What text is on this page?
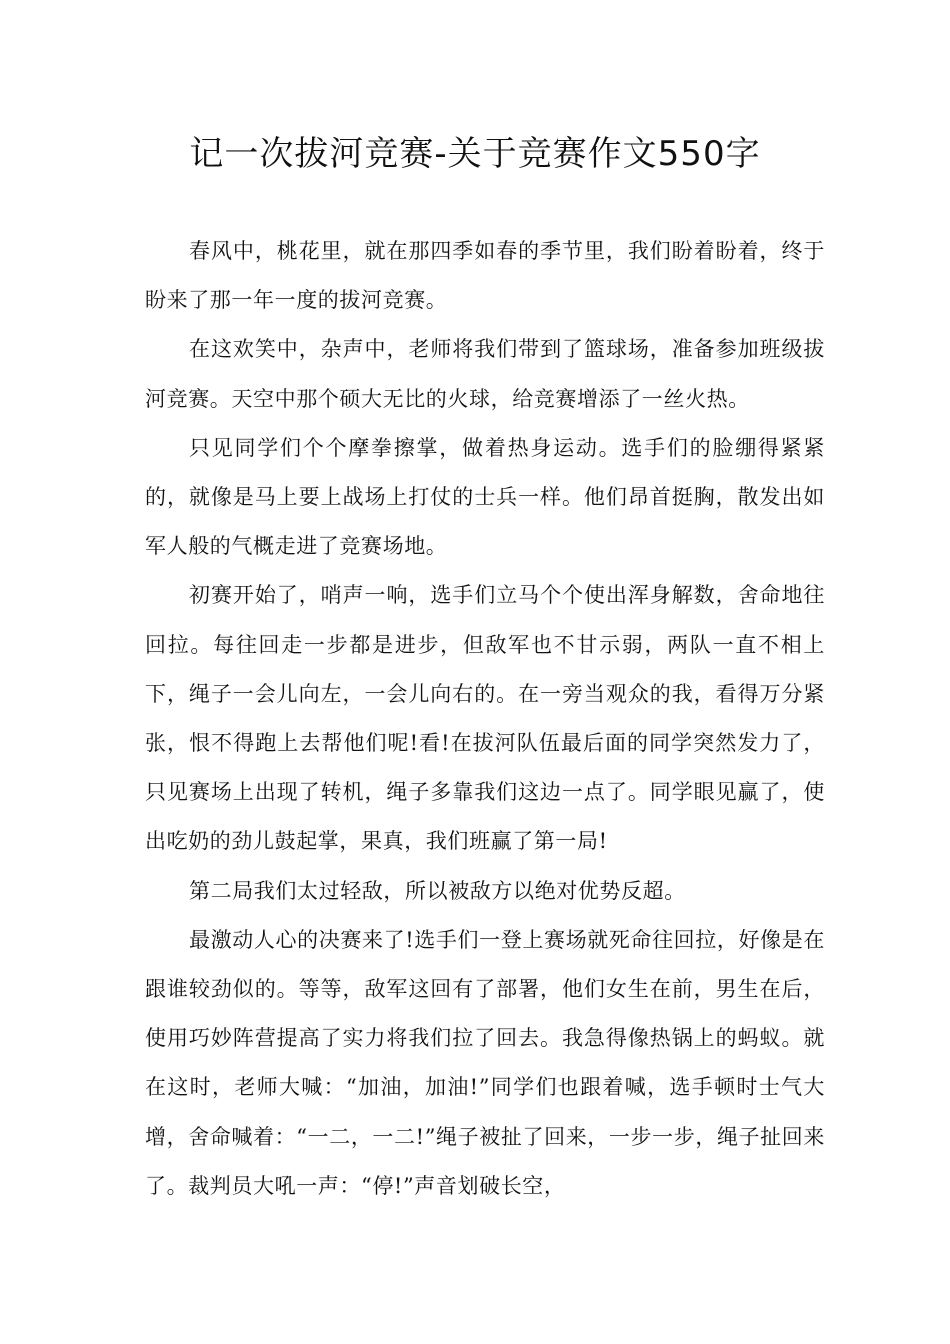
记一次拔河竞赛-关于竞赛作文550字

春风中，桃花里，就在那四季如春的季节里，我们盼着盼着，终于盼来了那一年一度的拔河竞赛。

在这欢笑中，杂声中，老师将我们带到了篮球场，准备参加班级拔河竞赛。天空中那个硕大无比的火球，给竞赛增添了一丝火热。

只见同学们个个摩拳擦掌，做着热身运动。选手们的脸绷得紧紧的，就像是马上要上战场上打仗的士兵一样。他们昂首挺胸，散发出如军人般的气概走进了竞赛场地。

初赛开始了，哨声一响，选手们立马个个使出浑身解数，舍命地往回拉。每往回走一步都是进步，但敌军也不甘示弱，两队一直不相上下，绳子一会儿向左，一会儿向右的。在一旁当观众的我，看得万分紧张，恨不得跑上去帮他们呢!看!在拔河队伍最后面的同学突然发力了，只见赛场上出现了转机，绳子多靠我们这边一点了。同学眼见赢了，使出吃奶的劲儿鼓起掌，果真，我们班赢了第一局!

第二局我们太过轻敌，所以被敌方以绝对优势反超。

最激动人心的决赛来了!选手们一登上赛场就死命往回拉，好像是在跟谁较劲似的。等等，敌军这回有了部署，他们女生在前，男生在后，使用巧妙阵营提高了实力将我们拉了回去。我急得像热锅上的蚂蚁。就在这时，老师大喊：“加油，加油!”同学们也跟着喊，选手顿时士气大增，舍命喊着：“一二，一二!”绳子被扯了回来，一步一步，绳子扯回来了。裁判员大吼一声：“停!”声音划破长空，
